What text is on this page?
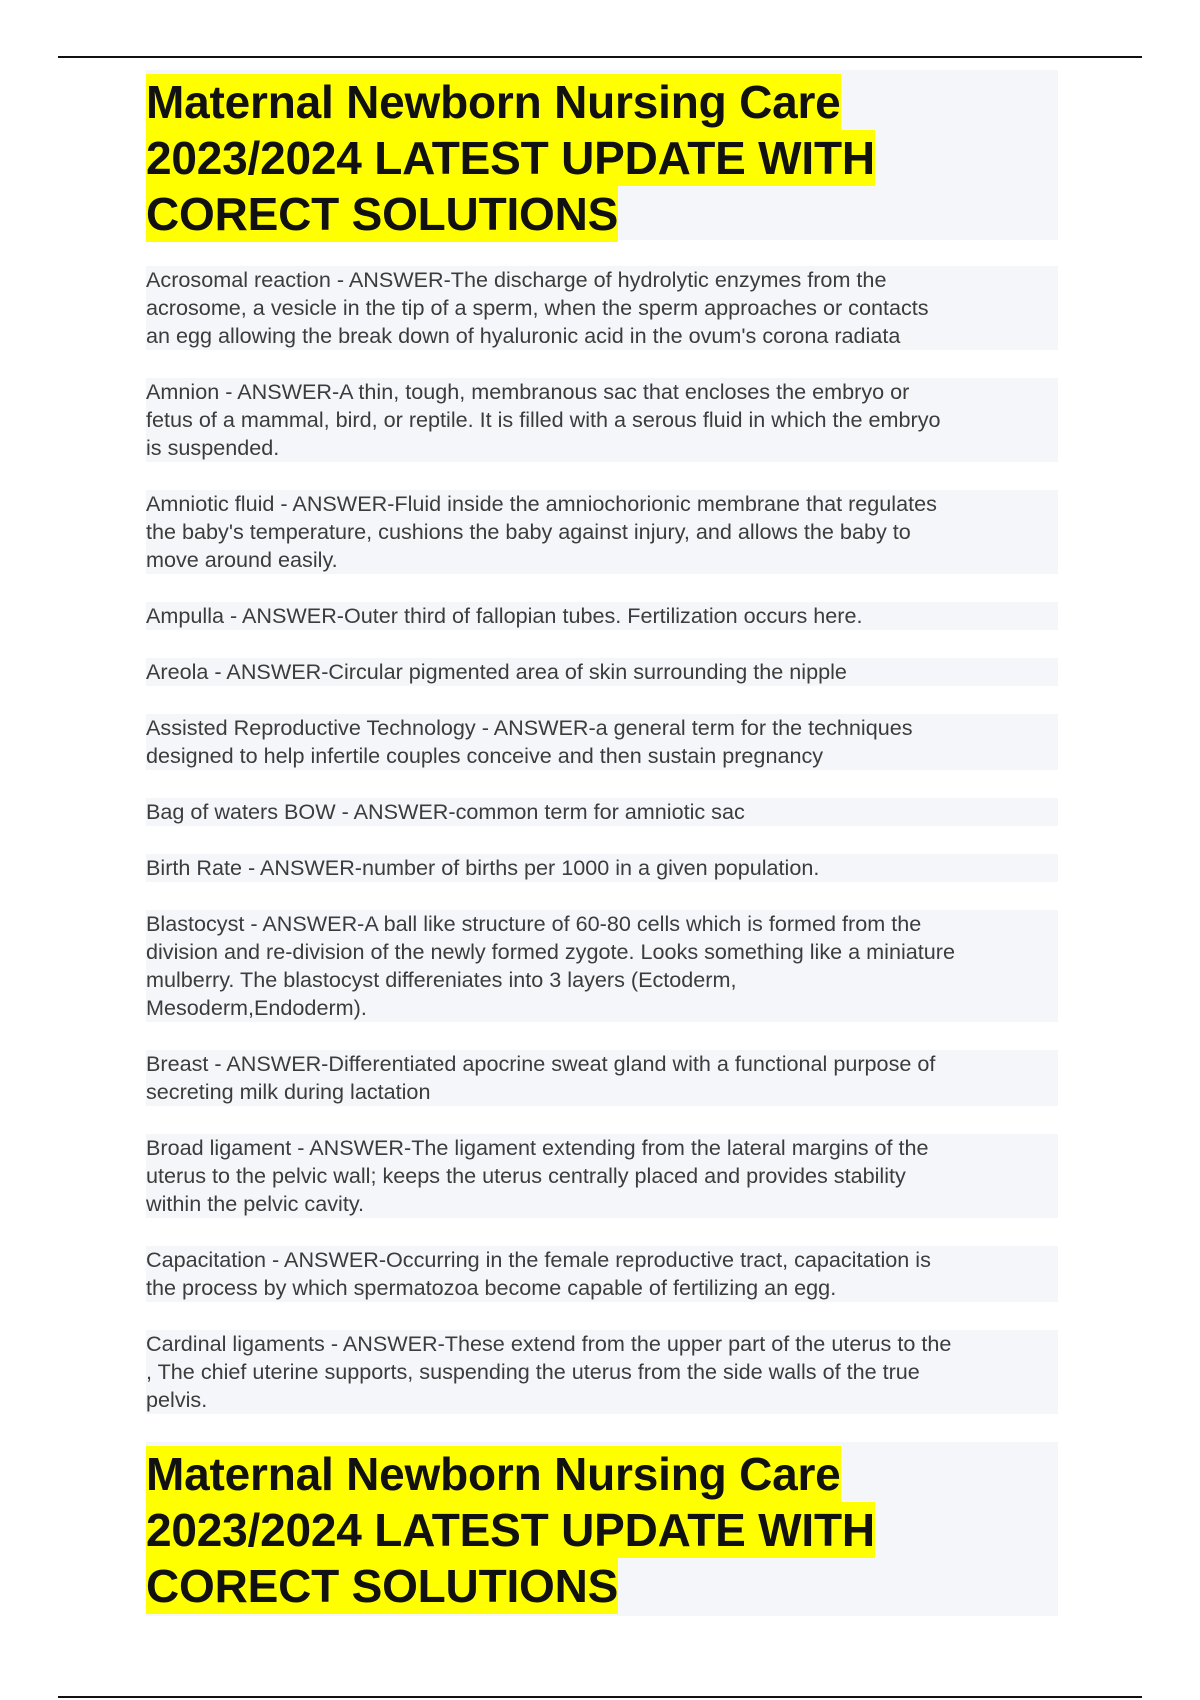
Maternal Newborn Nursing Care
2023/2024 LATEST UPDATE WITH
CORECT SOLUTIONS
Acrosomal reaction - ANSWER-The discharge of hydrolytic enzymes from the
acrosome, a vesicle in the tip of a sperm, when the sperm approaches or contacts
an egg allowing the break down of hyaluronic acid in the ovum's corona radiata
Amnion - ANSWER-A thin, tough, membranous sac that encloses the embryo or
fetus of a mammal, bird, or reptile. It is filled with a serous fluid in which the embryo
is suspended.
Amniotic fluid - ANSWER-Fluid inside the amniochorionic membrane that regulates
the baby's temperature, cushions the baby against injury, and allows the baby to
move around easily.
Ampulla - ANSWER-Outer third of fallopian tubes. Fertilization occurs here.
Areola - ANSWER-Circular pigmented area of skin surrounding the nipple
Assisted Reproductive Technology - ANSWER-a general term for the techniques
designed to help infertile couples conceive and then sustain pregnancy
Bag of waters BOW - ANSWER-common term for amniotic sac
Birth Rate - ANSWER-number of births per 1000 in a given population.
Blastocyst - ANSWER-A ball like structure of 60-80 cells which is formed from the
division and re-division of the newly formed zygote. Looks something like a miniature
mulberry. The blastocyst differeniates into 3 layers (Ectoderm,
Mesoderm,Endoderm).
Breast - ANSWER-Differentiated apocrine sweat gland with a functional purpose of
secreting milk during lactation
Broad ligament - ANSWER-The ligament extending from the lateral margins of the
uterus to the pelvic wall; keeps the uterus centrally placed and provides stability
within the pelvic cavity.
Capacitation - ANSWER-Occurring in the female reproductive tract, capacitation is
the process by which spermatozoa become capable of fertilizing an egg.
Cardinal ligaments - ANSWER-These extend from the upper part of the uterus to the
, The chief uterine supports, suspending the uterus from the side walls of the true
pelvis.
Maternal Newborn Nursing Care
2023/2024 LATEST UPDATE WITH
CORECT SOLUTIONS
